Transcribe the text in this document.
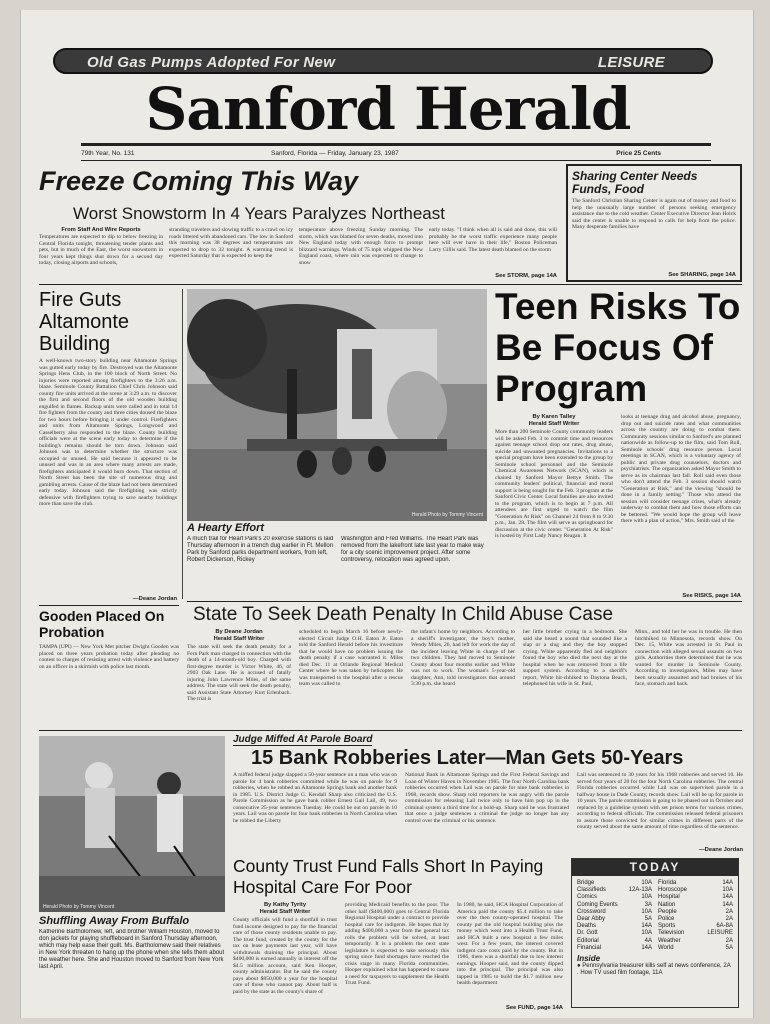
Old Gas Pumps Adopted For New	LEISURE
Sanford Herald
79th Year, No. 131	Sanford, Florida — Friday, January 23, 1987	Price 25 Cents
Freeze Coming This Way
Worst Snowstorm In 4 Years Paralyzes Northeast
From Staff And Wire Reports
Temperatures are expected to dip to below freezing in Central Florida tonight, threatening tender plants and pets, but in much of the East, the worst snowstorm in four years kept things shut down for a second day today, closing airports and schools,
stranding travelers and slowing traffic to a crawl on icy roads littered with abandoned cars. The low in Sanford this morning was 38 degrees and temperatures are expected to drop to 32 tonight. A warming trend is expected Saturday that is expected to keep the
temperature above freezing Sunday morning. The storm, which was blamed for seven deaths, moved into New England today with enough force to prompt blizzard warnings. Winds of 75 mph whipped the New England coast, where rain was expected to change to snow
early today. "I think when all is said and done, this will probably be the worst traffic experience many people here will ever have in their life," Boston Policeman Larry Gillis said. The latest death blamed on the storm
See STORM, page 14A
Sharing Center Needs Funds, Food
The Sanford Christian Sharing Center is again out of money and food to help the unusually large number of persons seeking emergency assistance due to the cold weather. Center Executive Director Jean Holck said the center is unable to respond to calls for help from the police. Many desperate families have
See SHARING, page 14A
Fire Guts Altamonte Building
A well-known two-story building near Altamonte Springs was gutted early today by fire. Destroyed was the Altamonte Springs Hens Club, in the 100 block of North Street. No injuries were reported among firefighters to the 3:26 a.m. blaze. Seminole County Battalion Chief Chris Johnson said county fire units arrived at the scene at 3:29 a.m. to discover the first and second floors of the old wooden building engulfed in flames. Backup units were called and in total 14 fire fighters from the county and three cities doused the blaze for two hours before bringing it under control. Firefighters and units from Altamonte Springs, Longwood and Casselberry also responded to the blaze. County building officials were at the scene early today to determine if the building's remains should be torn down. Johnson said Johnson was to determine whether the structure was occupied or unused. He said because it appeared to be unused and was in an area where many arrests are made, firefighters anticipated it would burn down. That section of North Street has been the site of numerous drug and gambling arrests. Cause of the blaze had not been determined early today. Johnson said the firefighting was strictly defensive with firefighters trying to save nearby buildings more than save the club.
—Deane Jordan
Herald Photo by Tommy Vincent
A Hearty Effort
A much trail for Heart Park's 20 exercise stations is laid Thursday afternoon in a trench dug earlier in Ft. Mellon Park by Sanford parks department workers, from left, Robert Dickerson, Rickey
Washington and Fred Williams. The Heart Park was removed from the lakefront late last year to make way for a city scenic improvement project. After some controversy, relocation was agreed upon.
Teen Risks To Be Focus Of Program
By Karen Talley
Herald Staff Writer
More than 200 Seminole County community leaders will be asked Feb. 3 to commit time and resources against teenage school drop out rates, drug abuse, suicide and unwanted pregnancies. Invitations to a special program have been extended to the group by Seminole school personnel and the Seminole Chemical Awareness Network (SCAN), which is chaired by Sanford Mayor Bettye Smith. The community leaders' political, financial and moral support is being sought for the Feb. 3 program at the Sanford Civic Center. Local families are also invited to the program, which is to begin at 7 p.m. All attendees are first urged to watch the film "Generation At Risk" on Channel 24 from 8 to 9:30 p.m., Jan. 28. The film will serve as springboard for discussion at the civic center. "Generation At Risk" is hosted by First Lady Nancy Reagan. It
looks at teenage drug and alcohol abuse, pregnancy, drop out and suicide rates and what communities across the country are doing to combat them. Community sessions similar to Sanford's are planned nationwide as follow-up to the film, said Tom Roll, Seminole schools' drug resource person. Local meetings in SCAN, which is a voluntary agency of public and private drug counselors, doctors and psychiatrists. The organization asked Mayor Smith to serve as its chairman last fall. Roll said even those who don't attend the Feb. 3 session should watch "Generation at Risk," and the viewing "should be done in a family setting." Those who attend the session will consider teenage crises, what's already underway to combat them and how those efforts can be bettered. "We would hope the group will leave there with a plan of action," Mrs. Smith said of the
See RISKS, page 14A
State To Seek Death Penalty In Child Abuse Case
By Deane Jordan
Herald Staff Writer
The state will seek the death penalty for a Fern Park man charged in connection with the death of a 14-month-old boy. Charged with first-degree murder is Victor White, 46, of 2903 Oak Lane. He is accused of fatally injuring John Lawrence Miles, of the same address. The state will seek the death penalty, said Assistant State Attorney Kurt Erlenbach. The trial is
scheduled to begin March 16 before newly-elected Circuit Judge O.H. Eaton Jr. Eaton told the Sanford Herald before his investiture that he would have no problem issuing the death penalty if a case warranted it. Miles died Dec. 11 at Orlando Regional Medical Center where he was taken by helicopter. He was transported to the hospital after a rescue team was called to
the infant's home by neighbors. According to a sheriff's investigator, the boy's mother, Wendy Miles, 26, had left for work the day of the incident leaving White in charge of her two children. They had moved to Seminole County about four months earlier and White was not to work. The woman's 5-year-old daughter, Ann, told investigators that around 3:30 p.m. she heard
her little brother crying in a bedroom. She said she heard a sound that sounded like a slap or a slug and they the boy stopped crying. White apparently fled and neighbors found the boy who died the next day at the hospital when he was removed from a life support system. According to a sheriff's report, White hit-chhiked to Daytona Beach, telephoned his wife in St. Paul,
Minn., and told her he was in trouble. He then hitchhiked to Minnesota, records show. On Dec. 15, White was arrested in St. Paul in connection with alleged sexual assaults on two girls. Authorities there determined that he was wanted for murder in Seminole County. According to investigators, Miles may have been sexually assaulted and had bruises of his face, stomach and back.
Gooden Placed On Probation
TAMPA (UPI) — New York Met pitcher Dwight Gooden was placed on three years probation today after pleading no contest to charges of resisting arrest with violence and battery on an officer in a skirmish with police last month.
Judge Miffed At Parole Board
15 Bank Robberies Later—Man Gets 50-Years
A miffed federal judge slapped a 50-year sentence on a man who was on parole for 4 bank robberies committed while he was on parole for 9 robberies, when he robbed an Altamonte Springs bank and another bank in 1985. U.S. District Judge G. Kendall Sharp also criticized the U.S. Parole Commission as he gave bank robber Ernest Gail Lail, 49, two consecutive 25-year sentences Tuesday. He could be out on parole in 10 years. Lail was on parole for four bank robberies in North Carolina when he robbed the Liberty
National Bank in Altamonte Springs and the First Federal Savings and Loan of Winter Haven in November 1985. The four North Carolina bank robberies occurred when Lail was on parole for nine bank robberies in 1968, records show. Sharp told reporters he was angry with the parole commission for releasing Lail twice only to have him pop up in the criminal system a third time for a hold-up. Sharp said he was frustrated that once a judge sentences a criminal the judge no longer has any control over the criminal or his sentence.
Lail was sentenced to 30 years for his 1968 robberies and served 10. He served four years of 20 for the four North Carolina robberies. The central Florida robberies occurred while Lail was on supervised parole in a halfway house in Dade County, records show. Lail will be up for parole in 10 years. The parole commission is going to be phased out in October and replaced by a guideline system with set prison terms for various crimes, according to federal officials. The commission released federal prisoners to assure those convicted for similar crimes in different parts of the county served about the same amount of time regardless of the sentence.
—Deane Jordan
Herald Photo by Tommy Vincent
Shuffling Away From Buffalo
Katherine Bartholomew, left, and brother William Houston, moved to don jackets for playing shuffleboard in Sanford Thursday afternoon, which may help ease their guilt. Ms. Bartholomew said their relatives in New York threaten to hang up the phone when she tells them about the weather here. She and Houston moved to Sanford from New York last April.
County Trust Fund Falls Short In Paying Hospital Care For Poor
By Kathy Tyrity
Herald Staff Writer
County officials will fund a shortfall in trust fund income designed to pay for the financial care of those county residents unable to pay. The trust fund, created by the county for the tax on lease payments last year, will have withdrawals draining the principal. About $400,000 is earned annually in interest off the $4.5 million account, said Ken Hooper, county administrator. But he said the county pays about $850,000 a year for the hospital care of those who cannot pay. About half is paid by the state as the county's share of
providing Medicaid benefits to the poor. The other half ($400,000) goes to Central Florida Regional Hospital under a contract to provide hospital care for indigents. He hopes that by adding $400,000 a year from the general tax rolls the problem will be solved, at least temporarily. It is a problem the next state legislature is expected to take seriously this spring since fund shortages have reached the crisis stage in many Florida communities. Hooper explained what has happened to cause a need for taxpayers to supplement the Health Trust Fund.
In 1980, he said, HCA Hospital Corporation of America paid the county $5.4 million to take over the then county-operated hospital. The county put the old hospital building plus the money which went into a Health Trust Fund, and HCA built a new hospital a few miles west. For a few years, the interest covered indigent care costs paid by the county. But in 1986, there was a shortfall due to low interest earnings. Hooper said, and the county dipped into the principal. The principal was also tapped in 1985 to build the $1.7 million new health department
See FUND, page 14A
TODAY
Bridge	10A
Classifieds	12A-13A
Comics	10A
Coming Events	3A
Crossword	10A
Dear Abby	5A
Deaths	14A
Dr. Gott	10A
Editorial	4A
Financial	14A
Florida	14A
Horoscope	10A
Hospital	14A
Nation	14A
People	2A
Police	2A
Sports	6A-8A
Television	LEISURE
Weather	2A
World	5A
Inside
● Pennsylvania treasurer kills self at news conference, 2A . How TV used film footage, 11A
